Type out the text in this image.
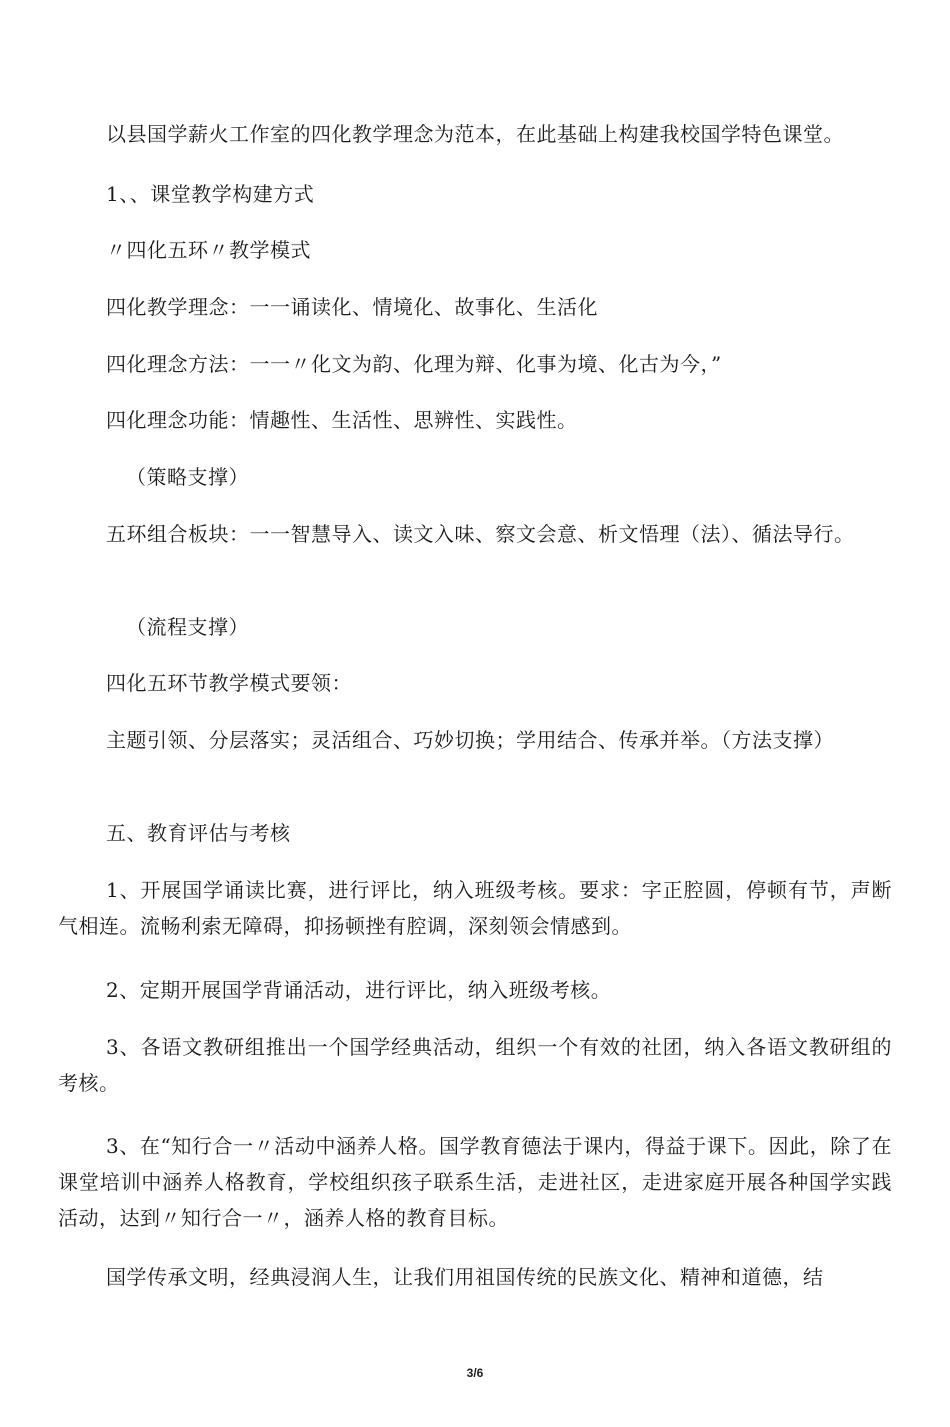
以县国学薪火工作室的四化教学理念为范本，在此基础上构建我校国学特色课堂。

1、、课堂教学构建方式

〃四化五环〃教学模式

四化教学理念：一一诵读化、情境化、故事化、生活化

四化理念方法：一一〃化文为韵、化理为辩、化事为境、化古为今，”

四化理念功能：情趣性、生活性、思辨性、实践性。

（策略支撑）

五环组合板块：一一智慧导入、读文入味、察文会意、析文悟理（法）、循法导行。

（流程支撑）

四化五环节教学模式要领：

主题引领、分层落实；灵活组合、巧妙切换；学用结合、传承并举。（方法支撑）

五、教育评估与考核

1、开展国学诵读比赛，进行评比，纳入班级考核。要求：字正腔圆，停顿有节，声断气相连。流畅利索无障碍，抑扬顿挫有腔调，深刻领会情感到。

2、定期开展国学背诵活动，进行评比，纳入班级考核。

3、各语文教研组推出一个国学经典活动，组织一个有效的社团，纳入各语文教研组的考核。

3、在“知行合一〃活动中涵养人格。国学教育德法于课内，得益于课下。因此，除了在课堂培训中涵养人格教育，学校组织孩子联系生活，走进社区，走进家庭开展各种国学实践活动，达到〃知行合一〃，涵养人格的教育目标。

国学传承文明，经典浸润人生，让我们用祖国传统的民族文化、精神和道德，结

3/6
